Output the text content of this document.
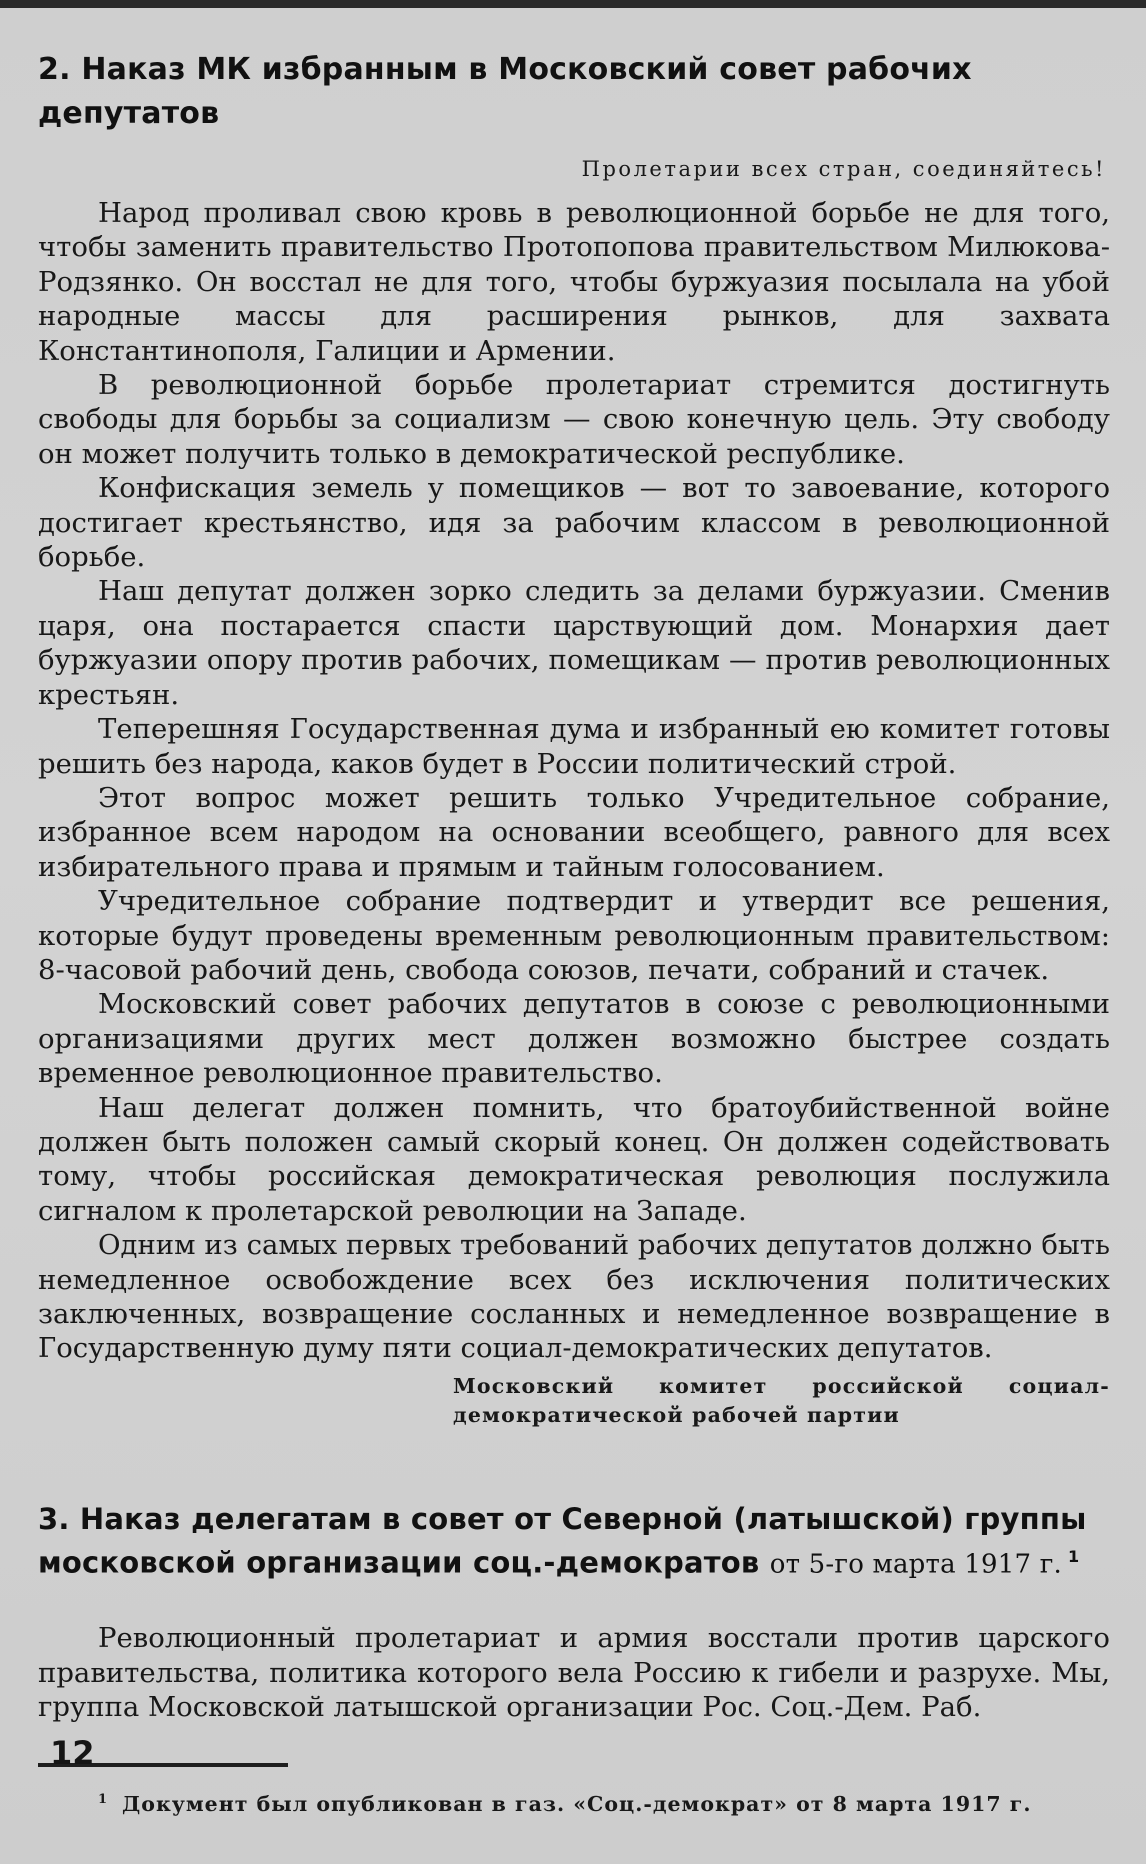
2. Наказ МК избранным в Московский совет рабочих депутатов
Пролетарии всех стран, соединяйтесь!

Народ проливал свою кровь в революционной борьбе не для того, чтобы заменить правительство Протопопова правительством Милюкова-Родзянко. Он восстал не для того, чтобы буржуазия посылала на убой народные массы для расширения рынков, для захвата Константинополя, Галиции и Армении.

В революционной борьбе пролетариат стремится достигнуть свободы для борьбы за социализм — свою конечную цель. Эту свободу он может получить только в демократической республике.

Конфискация земель у помещиков — вот то завоевание, которого достигает крестьянство, идя за рабочим классом в революционной борьбе.

Наш депутат должен зорко следить за делами буржуазии. Сменив царя, она постарается спасти царствующий дом. Монархия дает буржуазии опору против рабочих, помещикам — против революционных крестьян.

Теперешняя Государственная дума и избранный ею комитет готовы решить без народа, каков будет в России политический строй.

Этот вопрос может решить только Учредительное собрание, избранное всем народом на основании всеобщего, равного для всех избирательного права и прямым и тайным голосованием.

Учредительное собрание подтвердит и утвердит все решения, которые будут проведены временным революционным правительством: 8-часовой рабочий день, свобода союзов, печати, собраний и стачек.

Московский совет рабочих депутатов в союзе с революционными организациями других мест должен возможно быстрее создать временное революционное правительство.

Наш делегат должен помнить, что братоубийственной войне должен быть положен самый скорый конец. Он должен содействовать тому, чтобы российская демократическая революция послужила сигналом к пролетарской революции на Западе.

Одним из самых первых требований рабочих депутатов должно быть немедленное освобождение всех без исключения политических заключенных, возвращение сосланных и немедленное возвращение в Государственную думу пяти социал-демократических депутатов.

Московский комитет российской социал-демократической рабочей партии
3. Наказ делегатам в совет от Северной (латышской) группы московской организации соц.-демократов от 5-го марта 1917 г. $^1$

Революционный пролетариат и армия восстали против царского правительства, политика которого вела Россию к гибели и разрухе. Мы, группа Московской латышской организации Рос. Соц.-Дем. Раб.

$^1$ Документ был опубликован в газ. «Соц.-демократ» от 8 марта 1917 г.
12
